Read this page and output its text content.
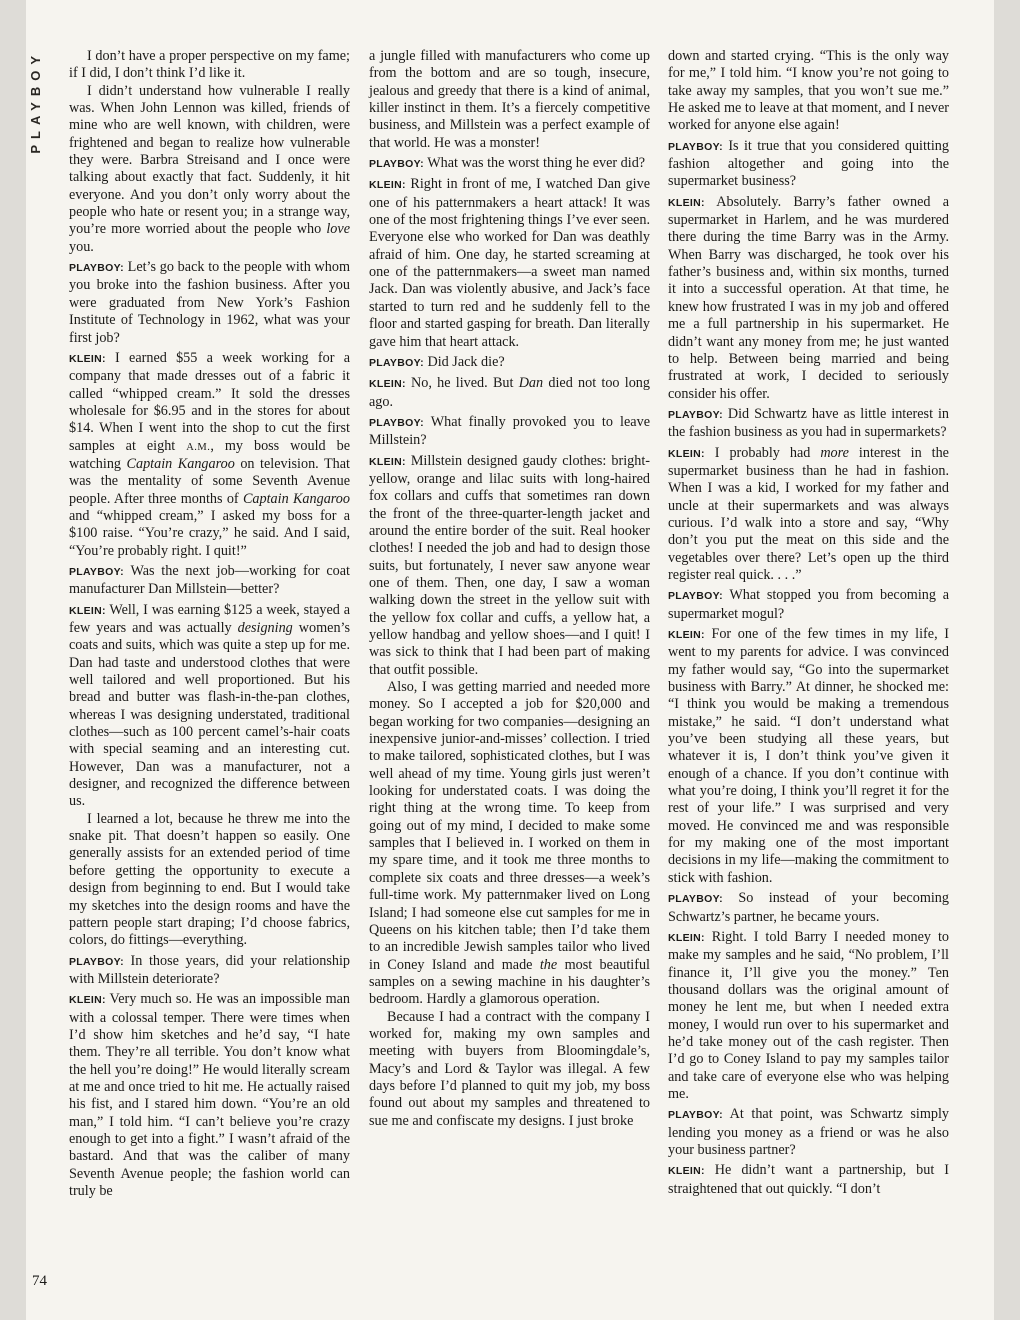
PLAYBOY	I don’t have a proper perspective on my fame; if I did, I don’t think I’d like it.

I didn’t understand how vulnerable I really was. When John Lennon was killed, friends of mine who are well known, with children, were frightened and began to realize how vulnerable they were. Barbra Streisand and I once were talking about exactly that fact. Suddenly, it hit everyone. And you don’t only worry about the people who hate or resent you; in a strange way, you’re more worried about the people who love you.

PLAYBOY: Let’s go back to the people with whom you broke into the fashion business. After you were graduated from New York’s Fashion Institute of Technology in 1962, what was your first job?

KLEIN: I earned $55 a week working for a company that made dresses out of a fabric it called “whipped cream.” It sold the dresses wholesale for $6.95 and in the stores for about $14. When I went into the shop to cut the first samples at eight A.M., my boss would be watching Captain Kangaroo on television. That was the mentality of some Seventh Avenue people. After three months of Captain Kangaroo and “whipped cream,” I asked my boss for a $100 raise. “You’re crazy,” he said. And I said, “You’re probably right. I quit!”

PLAYBOY: Was the next job—working for coat manufacturer Dan Millstein—better?

KLEIN: Well, I was earning $125 a week, stayed a few years and was actually designing women’s coats and suits, which was quite a step up for me. Dan had taste and understood clothes that were well tailored and well proportioned. But his bread and butter was flash-in-the-pan clothes, whereas I was designing understated, traditional clothes—such as 100 percent camel’s-hair coats with special seaming and an interesting cut. However, Dan was a manufacturer, not a designer, and recognized the difference between us.

I learned a lot, because he threw me into the snake pit. That doesn’t happen so easily. One generally assists for an extended period of time before getting the opportunity to execute a design from beginning to end. But I would take my sketches into the design rooms and have the pattern people start draping; I’d choose fabrics, colors, do fittings—everything.

PLAYBOY: In those years, did your relationship with Millstein deteriorate?

KLEIN: Very much so. He was an impossible man with a colossal temper. There were times when I’d show him sketches and he’d say, “I hate them. They’re all terrible. You don’t know what the hell you’re doing!” He would literally scream at me and once tried to hit me. He actually raised his fist, and I stared him down. “You’re an old man,” I told him. “I can’t believe you’re crazy enough to get into a fight.” I wasn’t afraid of the bastard. And that was the caliber of many Seventh Avenue people; the fashion world can truly be

a jungle filled with manufacturers who come up from the bottom and are so tough, insecure, jealous and greedy that there is a kind of animal, killer instinct in them. It’s a fiercely competitive business, and Millstein was a perfect example of that world. He was a monster!

PLAYBOY: What was the worst thing he ever did?

KLEIN: Right in front of me, I watched Dan give one of his patternmakers a heart attack! It was one of the most frightening things I’ve ever seen. Everyone else who worked for Dan was deathly afraid of him. One day, he started screaming at one of the patternmakers—a sweet man named Jack. Dan was violently abusive, and Jack’s face started to turn red and he suddenly fell to the floor and started gasping for breath. Dan literally gave him that heart attack.

PLAYBOY: Did Jack die?

KLEIN: No, he lived. But Dan died not too long ago.

PLAYBOY: What finally provoked you to leave Millstein?

KLEIN: Millstein designed gaudy clothes: bright-yellow, orange and lilac suits with long-haired fox collars and cuffs that sometimes ran down the front of the three-quarter-length jacket and around the entire border of the suit. Real hooker clothes! I needed the job and had to design those suits, but fortunately, I never saw anyone wear one of them. Then, one day, I saw a woman walking down the street in the yellow suit with the yellow fox collar and cuffs, a yellow hat, a yellow handbag and yellow shoes—and I quit! I was sick to think that I had been part of making that outfit possible.

Also, I was getting married and needed more money. So I accepted a job for $20,000 and began working for two companies—designing an inexpensive junior-and-misses’ collection. I tried to make tailored, sophisticated clothes, but I was well ahead of my time. Young girls just weren’t looking for understated coats. I was doing the right thing at the wrong time. To keep from going out of my mind, I decided to make some samples that I believed in. I worked on them in my spare time, and it took me three months to complete six coats and three dresses—a week’s full-time work. My patternmaker lived on Long Island; I had someone else cut samples for me in Queens on his kitchen table; then I’d take them to an incredible Jewish samples tailor who lived in Coney Island and made the most beautiful samples on a sewing machine in his daughter’s bedroom. Hardly a glamorous operation.

Because I had a contract with the company I worked for, making my own samples and meeting with buyers from Bloomingdale’s, Macy’s and Lord & Taylor was illegal. A few days before I’d planned to quit my job, my boss found out about my samples and threatened to sue me and confiscate my designs. I just broke

down and started crying. “This is the only way for me,” I told him. “I know you’re not going to take away my samples, that you won’t sue me.” He asked me to leave at that moment, and I never worked for anyone else again!

PLAYBOY: Is it true that you considered quitting fashion altogether and going into the supermarket business?

KLEIN: Absolutely. Barry’s father owned a supermarket in Harlem, and he was murdered there during the time Barry was in the Army. When Barry was discharged, he took over his father’s business and, within six months, turned it into a successful operation. At that time, he knew how frustrated I was in my job and offered me a full partnership in his supermarket. He didn’t want any money from me; he just wanted to help. Between being married and being frustrated at work, I decided to seriously consider his offer.

PLAYBOY: Did Schwartz have as little interest in the fashion business as you had in supermarkets?

KLEIN: I probably had more interest in the supermarket business than he had in fashion. When I was a kid, I worked for my father and uncle at their supermarkets and was always curious. I’d walk into a store and say, “Why don’t you put the meat on this side and the vegetables over there? Let’s open up the third register real quick. . . .”

PLAYBOY: What stopped you from becoming a supermarket mogul?

KLEIN: For one of the few times in my life, I went to my parents for advice. I was convinced my father would say, “Go into the supermarket business with Barry.” At dinner, he shocked me: “I think you would be making a tremendous mistake,” he said. “I don’t understand what you’ve been studying all these years, but whatever it is, I don’t think you’ve given it enough of a chance. If you don’t continue with what you’re doing, I think you’ll regret it for the rest of your life.” I was surprised and very moved. He convinced me and was responsible for my making one of the most important decisions in my life—making the commitment to stick with fashion.

PLAYBOY: So instead of your becoming Schwartz’s partner, he became yours.

KLEIN: Right. I told Barry I needed money to make my samples and he said, “No problem, I’ll finance it, I’ll give you the money.” Ten thousand dollars was the original amount of money he lent me, but when I needed extra money, I would run over to his supermarket and he’d take money out of the cash register. Then I’d go to Coney Island to pay my samples tailor and take care of everyone else who was helping me.

PLAYBOY: At that point, was Schwartz simply lending you money as a friend or was he also your business partner?

KLEIN: He didn’t want a partnership, but I straightened that out quickly. “I don’t

74
